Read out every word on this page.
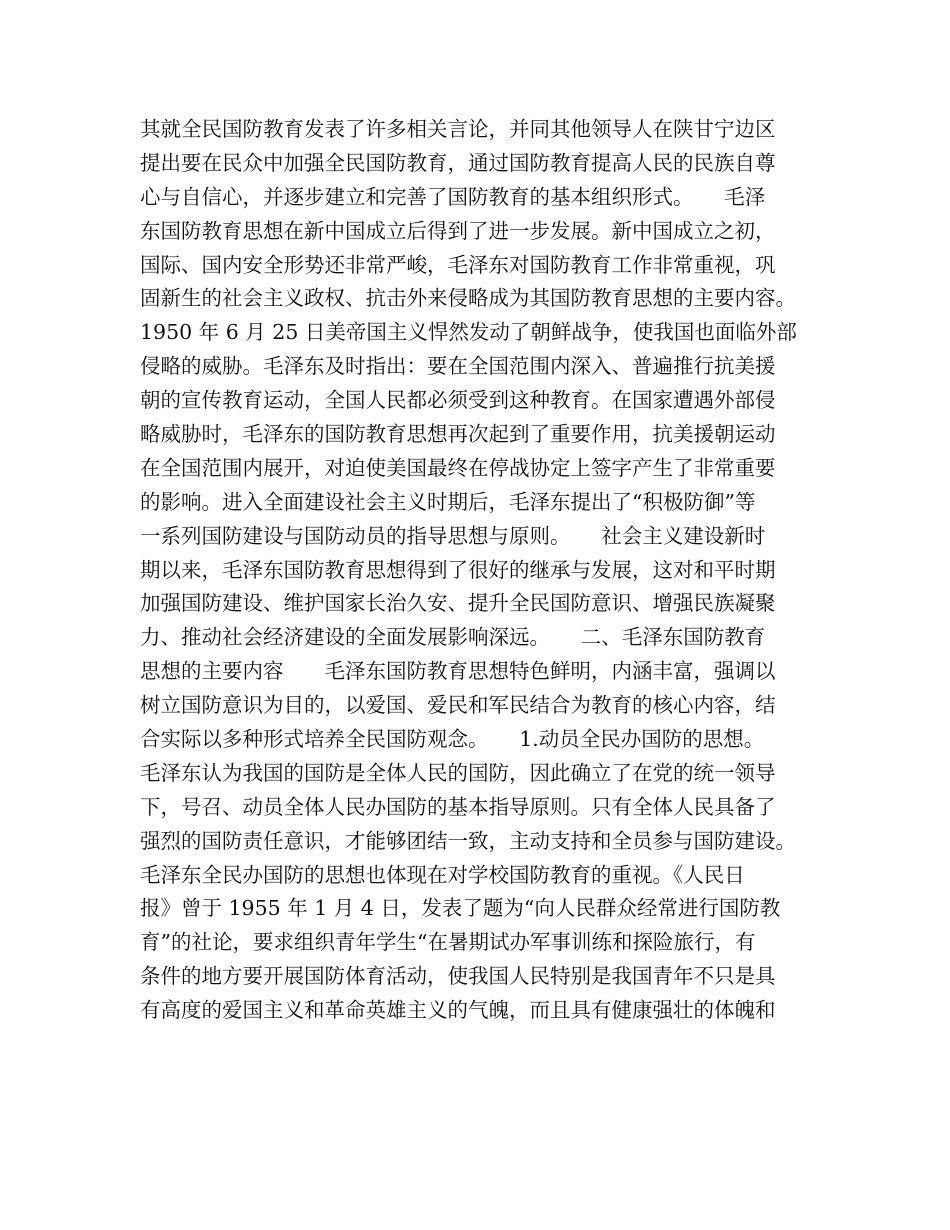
其就全民国防教育发表了许多相关言论，并同其他领导人在陕甘宁边区
提出要在民众中加强全民国防教育，通过国防教育提高人民的民族自尊
心与自信心，并逐步建立和完善了国防教育的基本组织形式。　　毛泽
东国防教育思想在新中国成立后得到了进一步发展。新中国成立之初，
国际、国内安全形势还非常严峻，毛泽东对国防教育工作非常重视，巩
固新生的社会主义政权、抗击外来侵略成为其国防教育思想的主要内容。
1950 年 6 月 25 日美帝国主义悍然发动了朝鲜战争，使我国也面临外部
侵略的威胁。毛泽东及时指出：要在全国范围内深入、普遍推行抗美援
朝的宣传教育运动，全国人民都必须受到这种教育。在国家遭遇外部侵
略威胁时，毛泽东的国防教育思想再次起到了重要作用，抗美援朝运动
在全国范围内展开，对迫使美国最终在停战协定上签字产生了非常重要
的影响。进入全面建设社会主义时期后，毛泽东提出了“积极防御”等
一系列国防建设与国防动员的指导思想与原则。　　社会主义建设新时
期以来，毛泽东国防教育思想得到了很好的继承与发展，这对和平时期
加强国防建设、维护国家长治久安、提升全民国防意识、增强民族凝聚
力、推动社会经济建设的全面发展影响深远。　　二、毛泽东国防教育
思想的主要内容　　毛泽东国防教育思想特色鲜明，内涵丰富，强调以
树立国防意识为目的，以爱国、爱民和军民结合为教育的核心内容，结
合实际以多种形式培养全民国防观念。　　1.动员全民办国防的思想。
毛泽东认为我国的国防是全体人民的国防，因此确立了在党的统一领导
下，号召、动员全体人民办国防的基本指导原则。只有全体人民具备了
强烈的国防责任意识，才能够团结一致，主动支持和全员参与国防建设。
毛泽东全民办国防的思想也体现在对学校国防教育的重视。《人民日
报》曾于 1955 年 1 月 4 日，发表了题为“向人民群众经常进行国防教
育”的社论，要求组织青年学生“在暑期试办军事训练和探险旅行，有
条件的地方要开展国防体育活动，使我国人民特别是我国青年不只是具
有高度的爱国主义和革命英雄主义的气魄，而且具有健康强壮的体魄和
